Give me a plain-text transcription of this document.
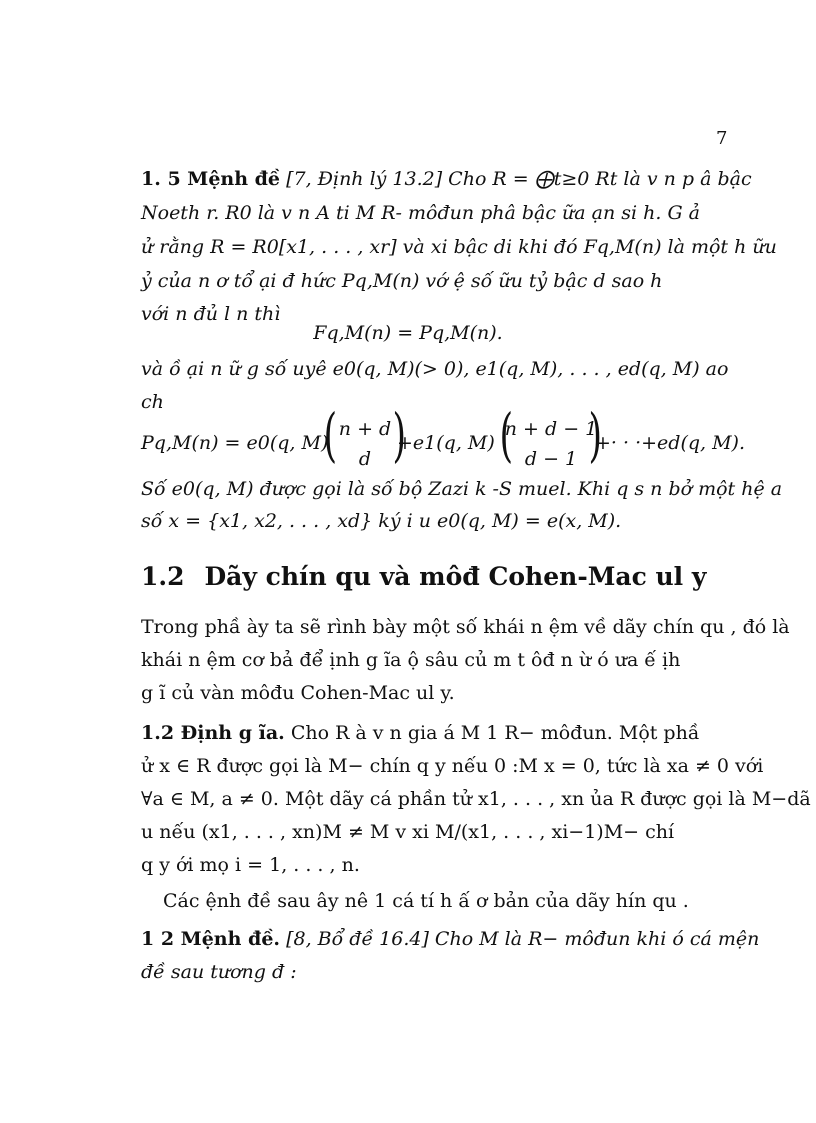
7
1. 5 Mệnh đề [7, Định lý 13.2] Cho R = ⨁t≥0 Rt là v n p â bậc
Noeth r. R0 là v n A ti M R- môđun phâ bậc ữa ạn si h. G ả
ử rằng R = R0[x1, . . . , xr] và xi bậc di khi đó Fq,M(n) là một h ữu
ỷ của n ơ tổ ại đ hức Pq,M(n) vớ ệ số ữu tỷ bậc d sao h
với n đủ l n thì
Fq,M(n) = Pq,M(n).
và ồ ại n ữ g số uyê e0(q, M)(> 0), e1(q, M), . . . , ed(q, M) ao
ch
Pq,M(n) = e0(q, M)
( n + d
d )
+e1(q, M) (
n + d − 1
d − 1 )
+· · ·+ed(q, M).
Số e0(q, M) được gọi là số bộ Zazi k -S muel. Khi q s n bở một hệ a
số x = {x1, x2, . . . , xd} ký i u e0(q, M) = e(x, M).
1.2 Dãy chín qu và môđ Cohen-Mac ul y
Trong phầ ày ta sẽ rình bày một số khái n ệm về dãy chín qu , đó là
khái n ệm cơ bả để ịnh g ĩa ộ sâu củ m t ôđ n ừ ó ưa ế ịh
g ĩ củ vàn môđu Cohen-Mac ul y.
1.2 Định g ĩa. Cho R à v n gia á M 1 R− môđun. Một phầ
ử x ∈ R được gọi là M− chín q y nếu 0 :M x = 0, tức là xa ≠ 0 với
∀a ∈ M, a ≠ 0. Một dãy cá phần tử x1, . . . , xn ủa R được gọi là M−dã
u nếu (x1, . . . , xn)M ≠ M v xi M/(x1, . . . , xi−1)M− chí
q y ới mọ i = 1, . . . , n.
Các ệnh đề sau ây nê 1 cá tí h ấ ơ bản của dãy hín qu .
1 2 Mệnh đề. [8, Bổ đề 16.4] Cho M là R− môđun khi ó cá mện
đề sau tương đ :
